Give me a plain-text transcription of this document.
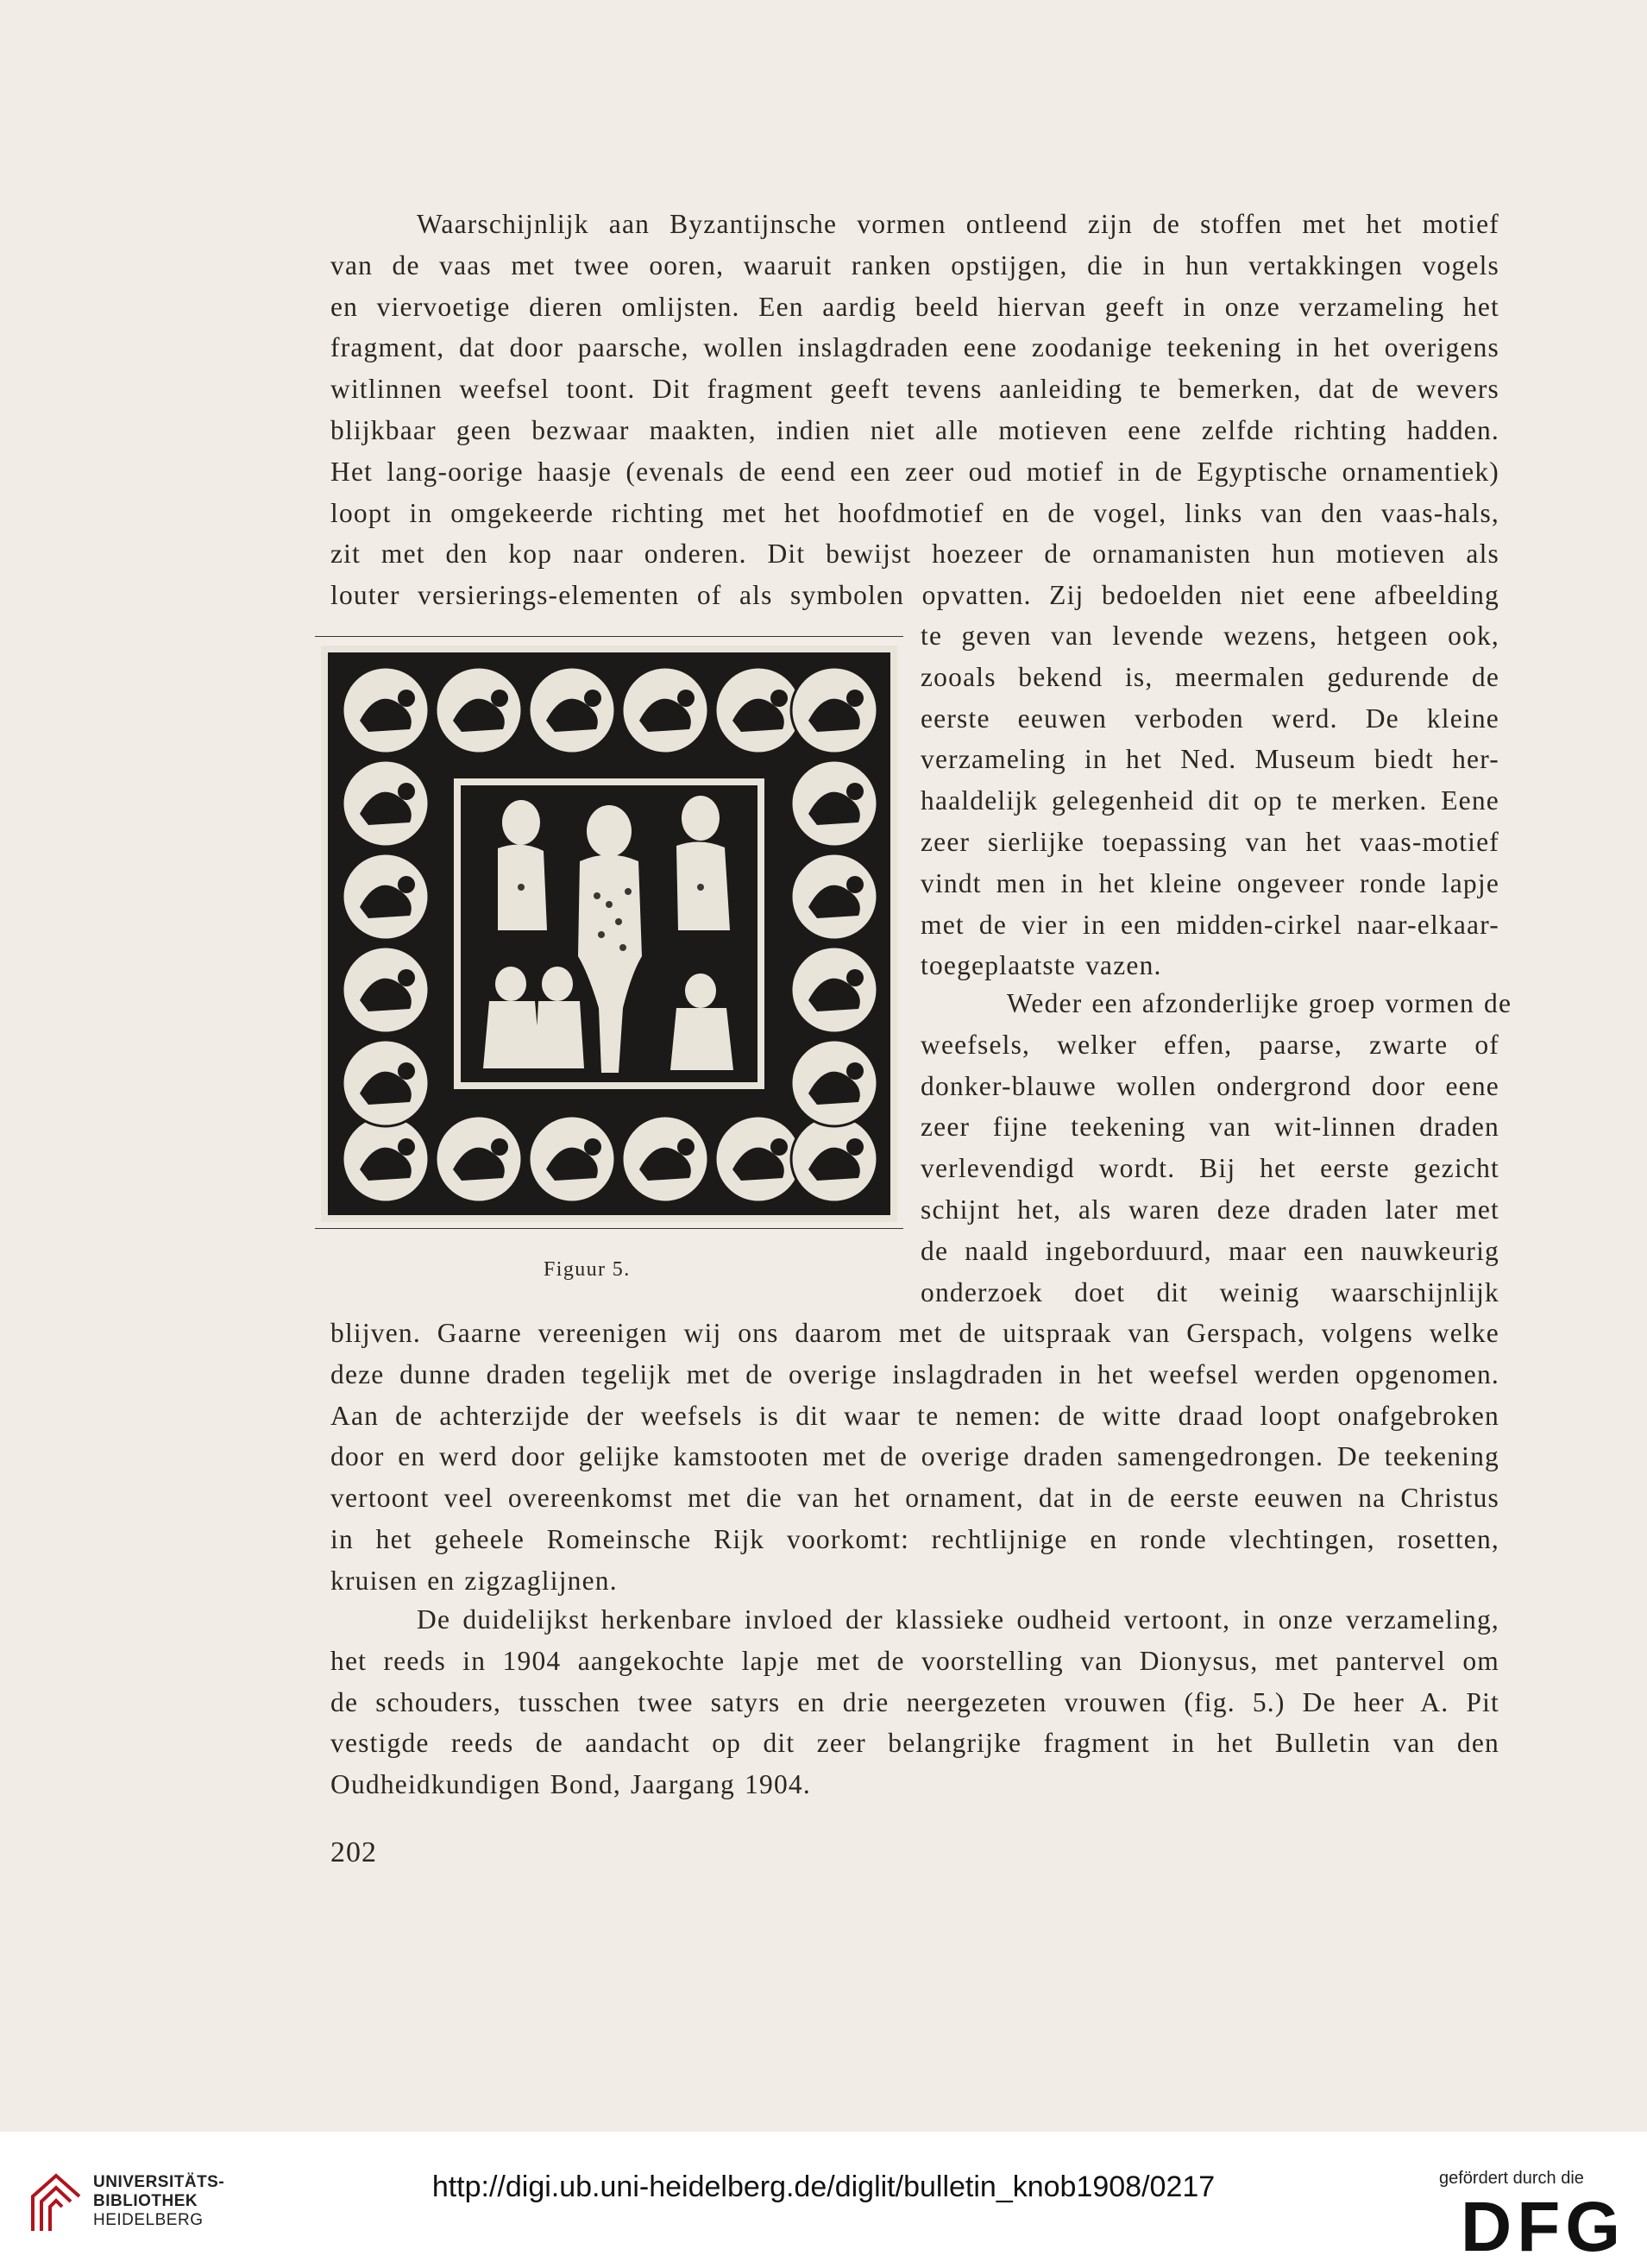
Waarschijnlijk aan Byzantijnsche vormen ontleend zijn de stoffen met het motief
van de vaas met twee ooren, waaruit ranken opstijgen, die in hun vertakkingen vogels
en viervoetige dieren omlijsten. Een aardig beeld hiervan geeft in onze verzameling het
fragment, dat door paarsche, wollen inslagdraden eene zoodanige teekening in het overigens
witlinnen weefsel toont. Dit fragment geeft tevens aanleiding te bemerken, dat de wevers
blijkbaar geen bezwaar maakten, indien niet alle motieven eene zelfde richting hadden.
Het lang-oorige haasje (evenals de eend een zeer oud motief in de Egyptische ornamentiek)
loopt in omgekeerde richting met het hoofdmotief en de vogel, links van den vaas-hals,
zit met den kop naar onderen. Dit bewijst hoezeer de ornamanisten hun motieven als
louter versierings-elementen of als symbolen opvatten. Zij bedoelden niet eene afbeelding
te geven van levende wezens, hetgeen ook,
zooals bekend is, meermalen gedurende de
eerste eeuwen verboden werd. De kleine
verzameling in het Ned. Museum biedt her-
haaldelijk gelegenheid dit op te merken. Eene
zeer sierlijke toepassing van het vaas-motief
vindt men in het kleine ongeveer ronde lapje
met de vier in een midden-cirkel naar-elkaar-
toegeplaatste vazen.
Weder een afzonderlijke groep vormen de
weefsels, welker effen, paarse, zwarte of
donker-blauwe wollen ondergrond door eene
zeer fijne teekening van wit-linnen draden
verlevendigd wordt. Bij het eerste gezicht
schijnt het, als waren deze draden later met
de naald ingeborduurd, maar een nauwkeurig
onderzoek doet dit weinig waarschijnlijk
blijven. Gaarne vereenigen wij ons daarom met de uitspraak van Gerspach, volgens welke
deze dunne draden tegelijk met de overige inslagdraden in het weefsel werden opgenomen.
Aan de achterzijde der weefsels is dit waar te nemen: de witte draad loopt onafgebroken
door en werd door gelijke kamstooten met de overige draden samengedrongen. De teekening
vertoont veel overeenkomst met die van het ornament, dat in de eerste eeuwen na Christus
in het geheele Romeinsche Rijk voorkomt: rechtlijnige en ronde vlechtingen, rosetten,
kruisen en zigzaglijnen.
De duidelijkst herkenbare invloed der klassieke oudheid vertoont, in onze verzameling,
het reeds in 1904 aangekochte lapje met de voorstelling van Dionysus, met pantervel om
de schouders, tusschen twee satyrs en drie neergezeten vrouwen (fig. 5.) De heer A. Pit
vestigde reeds de aandacht op dit zeer belangrijke fragment in het Bulletin van den
Oudheidkundigen Bond, Jaargang 1904.
Figuur 5.
202
UNIVERSITÄTS-
BIBLIOTHEK
HEIDELBERG
http://digi.ub.uni-heidelberg.de/diglit/bulletin_knob1908/0217	gefördert durch die
DFG
